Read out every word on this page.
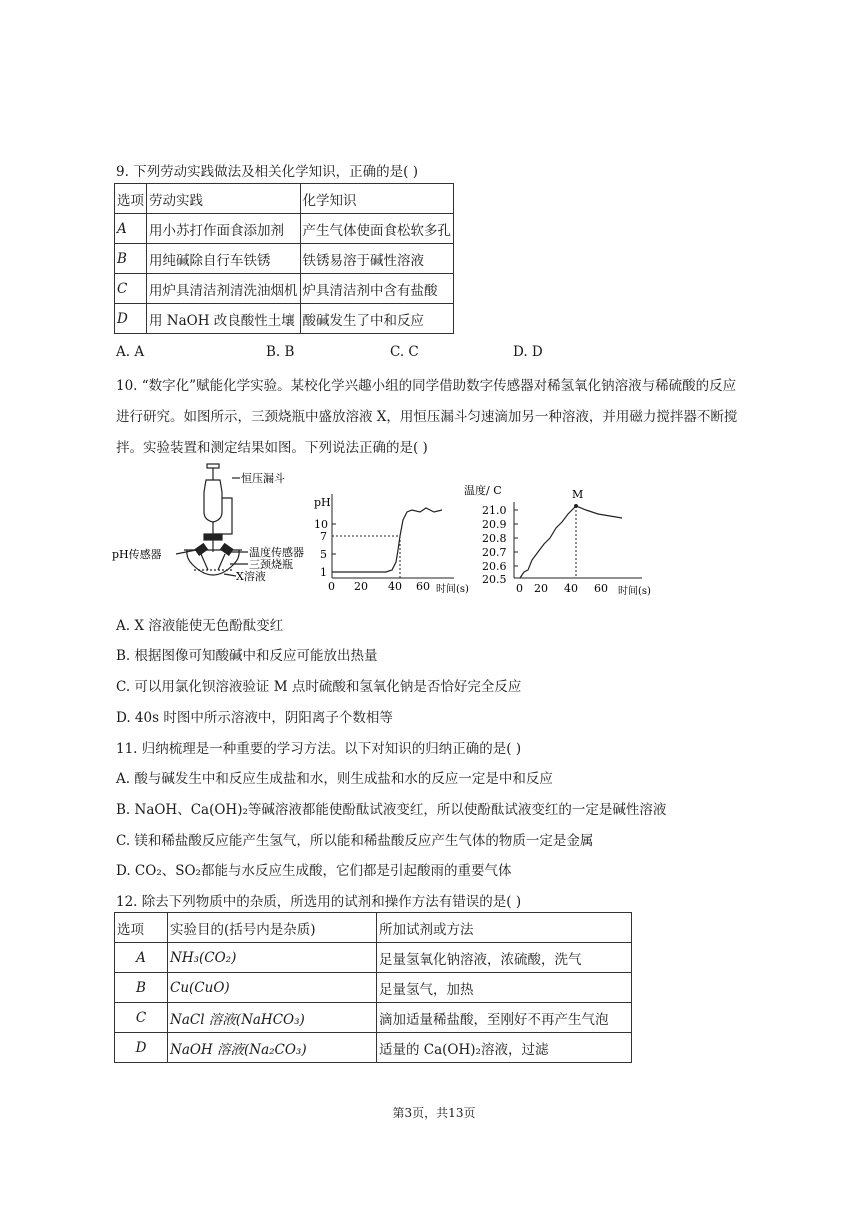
9. 下列劳动实践做法及相关化学知识，正确的是( )
选项	劳动实践	化学知识
A	用小苏打作面食添加剂	产生气体使面食松软多孔
B	用纯碱除自行车铁锈	铁锈易溶于碱性溶液
C	用炉具清洁剂清洗油烟机	炉具清洁剂中含有盐酸
D	用 NaOH 改良酸性土壤	酸碱发生了中和反应
A. A	B. B	C. C	D. D
10. “数字化”赋能化学实验。某校化学兴趣小组的同学借助数字传感器对稀氢氧化钠溶液与稀硫酸的反应
进行研究。如图所示，三颈烧瓶中盛放溶液 X，用恒压漏斗匀速滴加另一种溶液，并用磁力搅拌器不断搅
拌。实验装置和测定结果如图。下列说法正确的是( )
恒压漏斗
pH传感器	温度传感器
三颈烧瓶
X溶液
pH
10
7
5
1
0 20 40 60 时间(s)
M
温度/ C
21.0
20.9
20.8
20.7
20.6
20.5
0 20 40 60 时间(s)
A. X 溶液能使无色酚酞变红
B. 根据图像可知酸碱中和反应可能放出热量
C. 可以用氯化钡溶液验证 M 点时硫酸和氢氧化钠是否恰好完全反应
D. 40s 时图中所示溶液中，阴阳离子个数相等
11. 归纳梳理是一种重要的学习方法。以下对知识的归纳正确的是( )
A. 酸与碱发生中和反应生成盐和水，则生成盐和水的反应一定是中和反应
B. NaOH、Ca(OH)₂等碱溶液都能使酚酞试液变红，所以使酚酞试液变红的一定是碱性溶液
C. 镁和稀盐酸反应能产生氢气，所以能和稀盐酸反应产生气体的物质一定是金属
D. CO₂、SO₂都能与水反应生成酸，它们都是引起酸雨的重要气体
12. 除去下列物质中的杂质，所选用的试剂和操作方法有错误的是( )
选项	实验目的(括号内是杂质)	所加试剂或方法
A	NH₃(CO₂)	足量氢氧化钠溶液，浓硫酸，洗气
B	Cu(CuO)	足量氢气，加热
C	NaCl 溶液(NaHCO₃)	滴加适量稀盐酸，至刚好不再产生气泡
D	NaOH 溶液(Na₂CO₃)	适量的 Ca(OH)₂溶液，过滤
第3页，共13页
